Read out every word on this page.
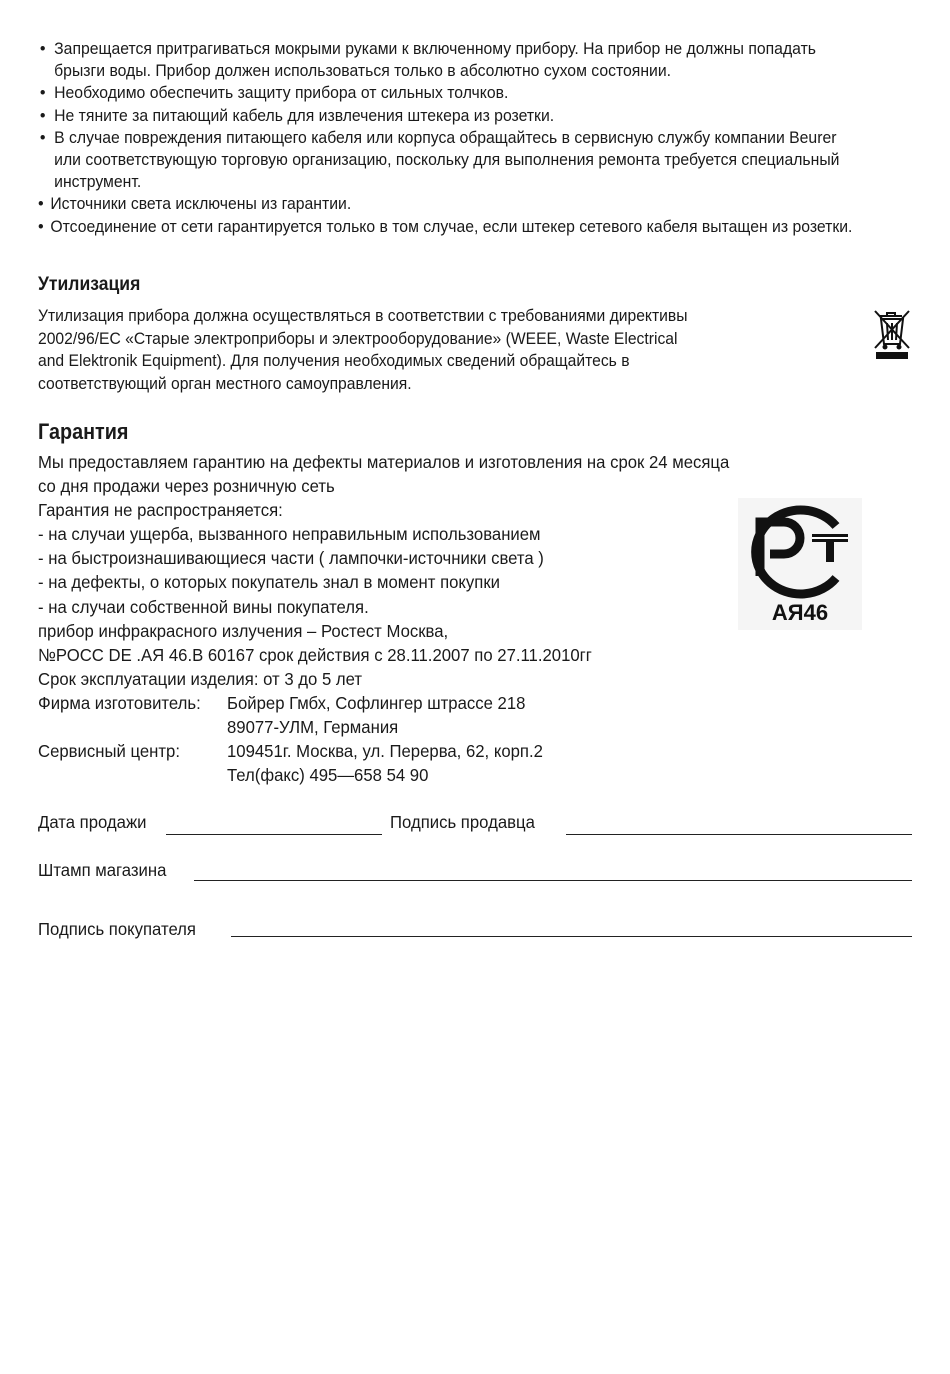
• Запрещается притрагиваться мокрыми руками к включенному прибору. На прибор не должны попадать брызги воды. Прибор должен использоваться только в абсолютно сухом состоянии.
• Необходимо обеспечить защиту прибора от сильных толчков.
• Не тяните за питающий кабель для извлечения штекера из розетки.
• В случае повреждения питающего кабеля или корпуса обращайтесь в сервисную службу компании Beurer или соответствующую торговую организацию, поскольку для выполнения ремонта требуется специальный инструмент.
• Источники света исключены из гарантии.
• Отсоединение от сети гарантируется только в том случае, если штекер сетевого кабеля вытащен из розетки.
Утилизация
Утилизация прибора должна осуществляться в соответствии с требованиями директивы
2002/96/EC «Старые электроприборы и электрооборудование» (WEEE, Waste Electrical
and Elektronik Equipment). Для получения необходимых сведений обращайтесь в
соответствующий орган местного самоуправления.
Гарантия
Мы предоставляем гарантию на дефекты материалов и изготовления на срок 24 месяца
со дня продажи через розничную сеть
Гарантия не распространяется:
- на случаи ущерба, вызванного неправильным использованием
- на быстроизнашивающиеся части ( лампочки-источники света )
- на дефекты, о которых покупатель знал в момент покупки
- на случаи собственной вины покупателя.
прибор инфракрасного излучения – Ростест Москва,
№РОСС DE .АЯ 46.В 60167 срок действия с 28.11.2007 по 27.11.2010гг
Срок эксплуатации изделия: от 3 до 5 лет
Фирма изготовитель: Бойрер Гмбх, Софлингер штрассе 218
89077-УЛМ, Германия
Сервисный центр:	109451г. Москва, ул. Перерва, 62, корп.2
Тел(факс) 495—658 54 90
АЯ46
Дата продажи	Подпись продавца
Штамп магазина
Подпись покупателя
